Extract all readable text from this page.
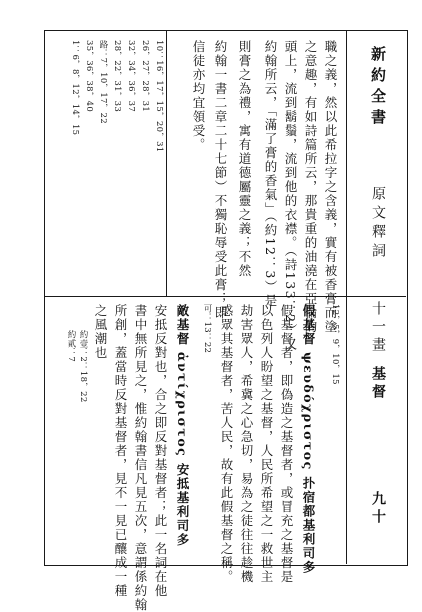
新約全書
原文釋詞
十一畫
基督
九十
職之義，然以此希拉字之含義，實有被香膏而塗
之意趣，有如詩篇所云，那貴重的油澆在亞倫的
頭上，流到鬍鬚，流到他的衣襟。（詩133：2）又
約翰所云，「滿了膏的香氣」（約12：3）是
則膏之為禮，寓有道德屬靈之義；不然
約翰一書二章二十七節）不獨恥辱受此膏；即
信徒亦均宜領受。
10：16，17，15，20，31
26，27，28，31
32，34，36，37
28，22，31，33
路：7，10，17，22
35，36，38，40
1：6，8，12，14，15
12，5，9，10，15
假基督 ψευδόχριστος 扑宿都基利司多
假基督者，即偽造之基督者，或冒充之基督是
以色列人盼望之基督，人民所希望之一救世主
劫害眾人，希冀之心急切，易為之徒往往趁機
惑眾其基督者，苦人民，故有此假基督之稱。
可：13：22
敵基督 ἀντίχριστος 安抵基利司多
安抵反對也，合之即反對基督者；此一名詞在他
書中無所見之，惟約翰書信凡見五次，意謂係約翰
所創，蓋當時反對基督者，見不一見已釀成一種
之風潮也
約壹：2：18，22
約貳：7
